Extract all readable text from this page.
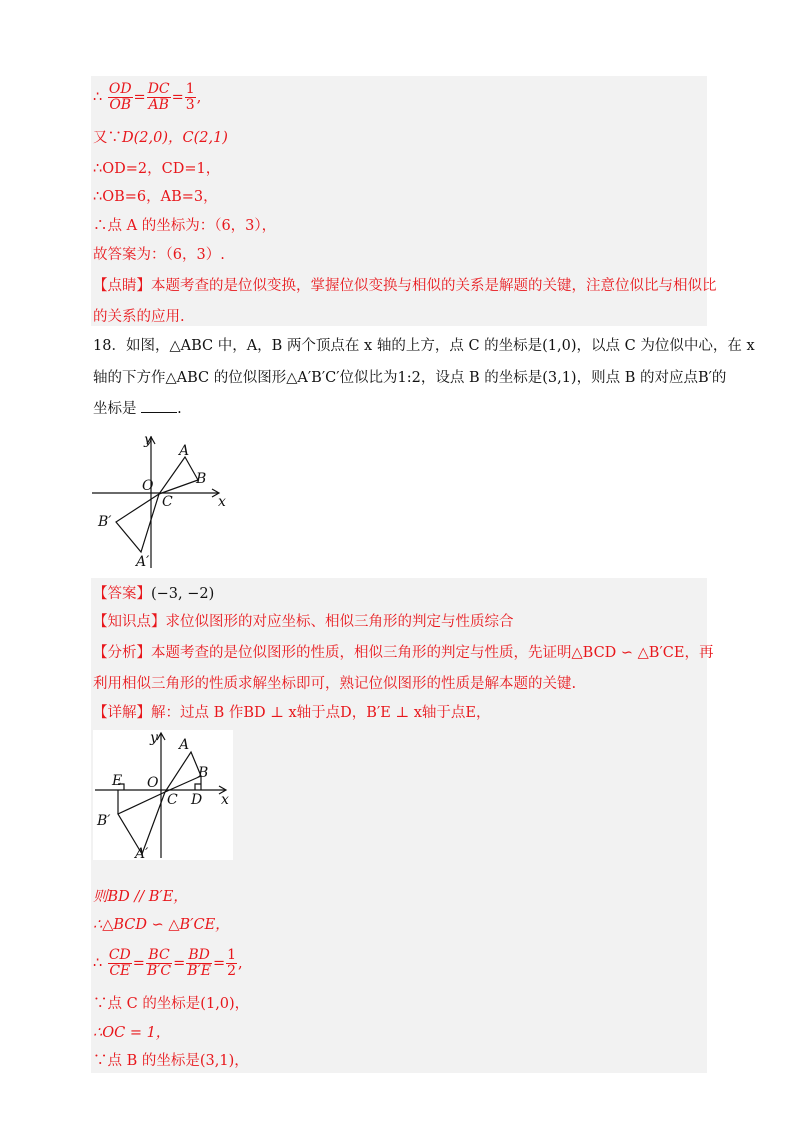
∴ $\frac{OD}{OB} = \frac{DC}{AB} = \frac{1}{3}$ ,
又∵D(2,0)，C(2,1)
∴OD=2，CD=1，
∴OB=6，AB=3，
∴点 A 的坐标为：（6，3），
故答案为：（6，3）.
【点睛】本题考查的是位似变换，掌握位似变换与相似的关系是解题的关键，注意位似比与相似比
的关系的应用.
18．如图，△ABC 中，A，B 两个顶点在 x 轴的上方，点 C 的坐标是(1,0)，以点 C 为位似中心，在 x
轴的下方作△ABC 的位似图形△A′B′C′位似比为1:2，设点 B 的坐标是(3,1)，则点 B 的对应点B′的
坐标是	.
y
x
A
B
O
C
B′
A′
【答案】(−3, −2)
【知识点】求位似图形的对应坐标、相似三角形的判定与性质综合
【分析】本题考查的是位似图形的性质，相似三角形的判定与性质，先证明△BCD ∽ △B′CE，再
利用相似三角形的性质求解坐标即可，熟记位似图形的性质是解本题的关键.
【详解】解：过点 B 作BD ⊥ x轴于点D，B′E ⊥ x轴于点E，
y
x
A
B
E O
C D
B′
A′
则BD // B′E，
∴△BCD ∽ △B′CE，
∴ $\frac{CD}{CE} = \frac{BC}{B'C} = \frac{BD}{B'E} = \frac{1}{2}$ ,
∵点 C 的坐标是(1,0)，
∴OC = 1，
∵点 B 的坐标是(3,1)，
